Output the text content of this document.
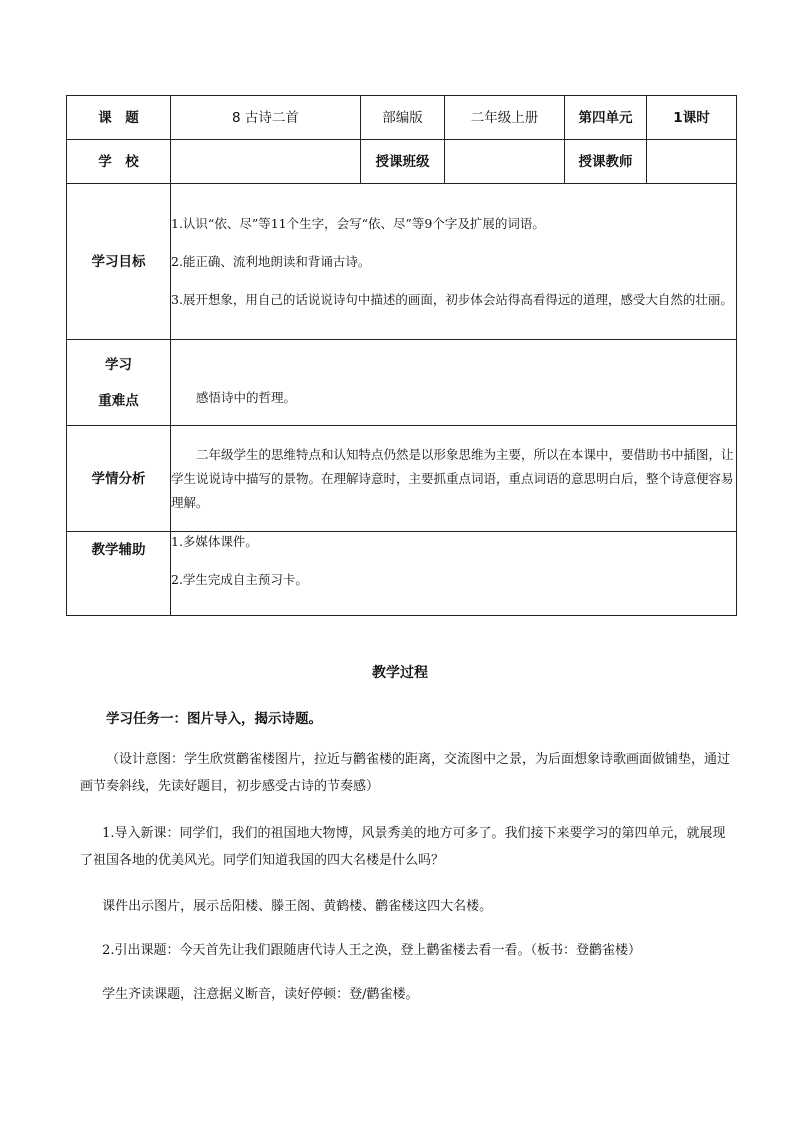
课　题	8 古诗二首	部编版	二年级上册	第四单元	1课时
学　校		授课班级		授课教师	
学习目标	1.认识“依、尽”等11个生字，会写“依、尽”等9个字及扩展的词语。

2.能正确、流利地朗读和背诵古诗。

3.展开想象，用自己的话说说诗句中描述的画面，初步体会站得高看得远的道理，感受大自然的壮丽。				

学习
重难点	感悟诗中的哲理。				

学情分析	二年级学生的思维特点和认知特点仍然是以形象思维为主要，所以在本课中，要借助书中插图，让学生说说诗中描写的景物。在理解诗意时，主要抓重点词语，重点词语的意思明白后，整个诗意便容易理解。				

教学辅助	1.多媒体课件。

2.学生完成自主预习卡。				

教学过程

学习任务一：图片导入，揭示诗题。

（设计意图：学生欣赏鹳雀楼图片，拉近与鹳雀楼的距离，交流图中之景，为后面想象诗歌画面做铺垫，通过画节奏斜线，先读好题目，初步感受古诗的节奏感）

1.导入新课：同学们，我们的祖国地大物博，风景秀美的地方可多了。我们接下来要学习的第四单元，就展现了祖国各地的优美风光。同学们知道我国的四大名楼是什么吗？

课件出示图片，展示岳阳楼、滕王阁、黄鹤楼、鹳雀楼这四大名楼。

2.引出课题：今天首先让我们跟随唐代诗人王之涣，登上鹳雀楼去看一看。（板书：登鹳雀楼）

学生齐读课题，注意据义断音，读好停顿：登/鹳雀楼。
